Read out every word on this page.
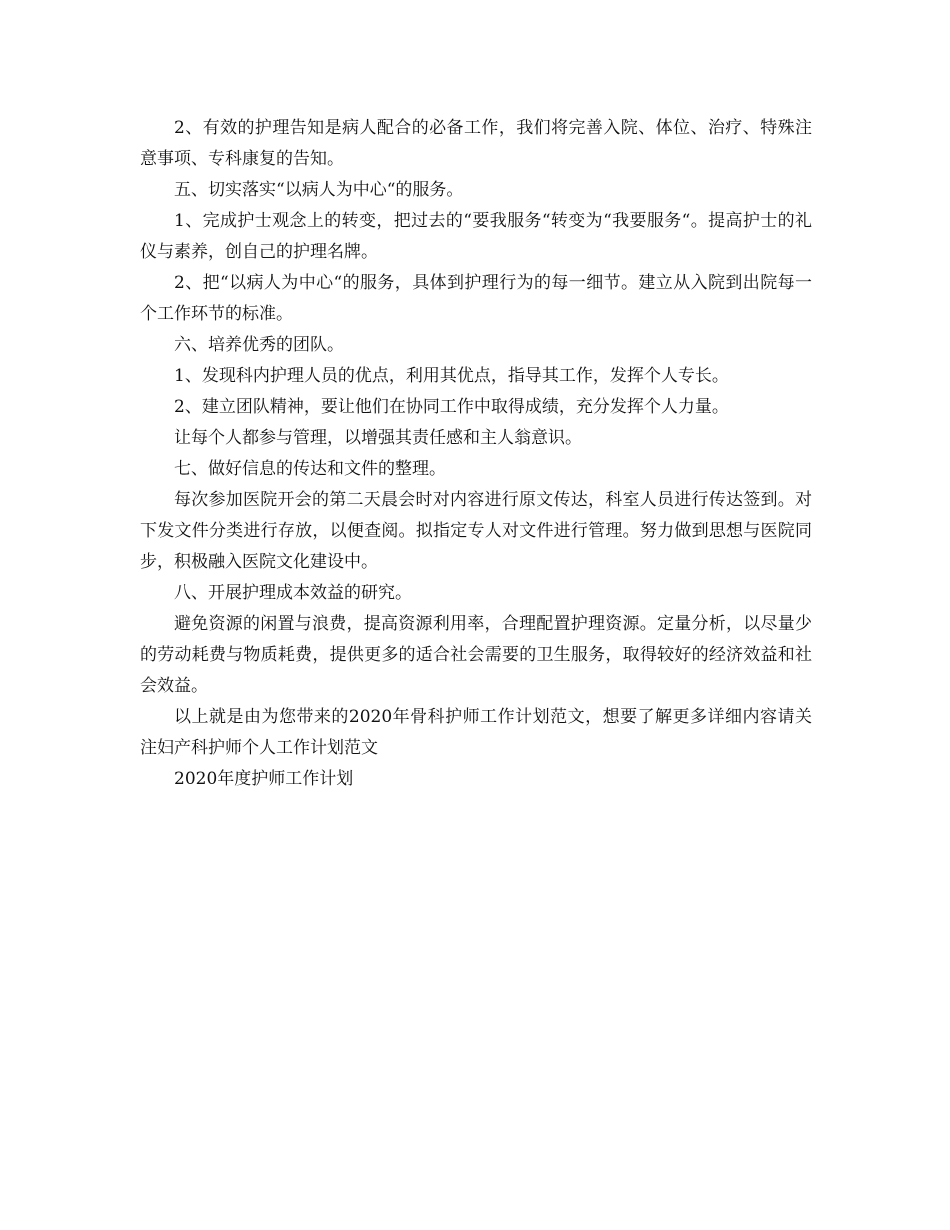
2、有效的护理告知是病人配合的必备工作，我们将完善入院、体位、治疗、特殊注意事项、专科康复的告知。

五、切实落实“以病人为中心“的服务。

1、完成护士观念上的转变，把过去的“要我服务“转变为“我要服务“。提高护士的礼仪与素养，创自己的护理名牌。

2、把“以病人为中心“的服务，具体到护理行为的每一细节。建立从入院到出院每一个工作环节的标准。

六、培养优秀的团队。

1、发现科内护理人员的优点，利用其优点，指导其工作，发挥个人专长。

2、建立团队精神，要让他们在协同工作中取得成绩，充分发挥个人力量。

让每个人都参与管理，以增强其责任感和主人翁意识。

七、做好信息的传达和文件的整理。

每次参加医院开会的第二天晨会时对内容进行原文传达，科室人员进行传达签到。对下发文件分类进行存放，以便查阅。拟指定专人对文件进行管理。努力做到思想与医院同步，积极融入医院文化建设中。

八、开展护理成本效益的研究。

避免资源的闲置与浪费，提高资源利用率，合理配置护理资源。定量分析，以尽量少的劳动耗费与物质耗费，提供更多的适合社会需要的卫生服务，取得较好的经济效益和社会效益。

以上就是由为您带来的2020年骨科护师工作计划范文，想要了解更多详细内容请关注妇产科护师个人工作计划范文

2020年度护师工作计划
